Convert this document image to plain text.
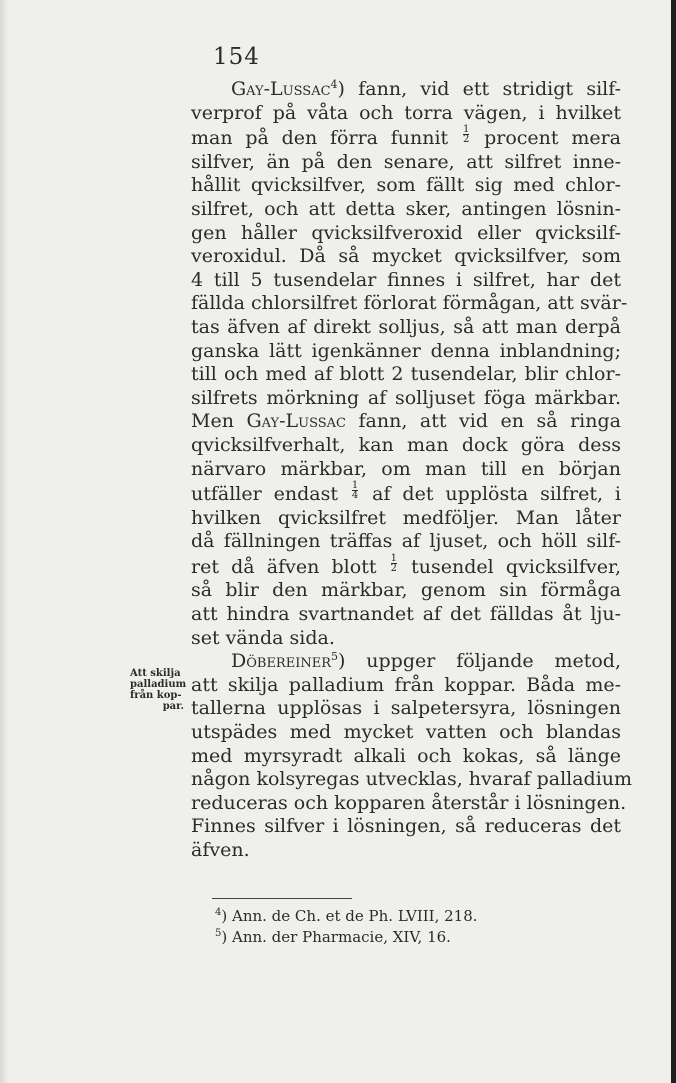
154
Gay-Lussac$^4$) fann, vid ett stridigt silf-
verprof på våta och torra vägen, i hvilket
man på den förra funnit $\frac{1}{2}$ procent mera
silfver, än på den senare, att silfret inne-
hållit qvicksilfver, som fällt sig med chlor-
silfret, och att detta sker, antingen lösnin-
gen håller qvicksilfveroxid eller qvicksilf-
veroxidul. Då så mycket qvicksilfver, som
4 till 5 tusendelar finnes i silfret, har det
fällda chlorsilfret förlorat förmågan, att svär-
tas äfven af direkt solljus, så att man derpå
ganska lätt igenkänner denna inblandning;
till och med af blott 2 tusendelar, blir chlor-
silfrets mörkning af solljuset föga märkbar.
Men Gay-Lussac fann, att vid en så ringa
qvicksilfverhalt, kan man dock göra dess
närvaro märkbar, om man till en början
utfäller endast $\frac{1}{4}$ af det upplösta silfret, i
hvilken qvicksilfret medföljer. Man låter
då fällningen träffas af ljuset, och höll silf-
ret då äfven blott $\frac{1}{2}$ tusendel qvicksilfver,
så blir den märkbar, genom sin förmåga
att hindra svartnandet af det fälldas åt lju-
set vända sida.
Döbereiner$^5$) uppger följande metod,
att skilja palladium från koppar. Båda me-
tallerna upplösas i salpetersyra, lösningen
utspädes med mycket vatten och blandas
med myrsyradt alkali och kokas, så länge
någon kolsyregas utvecklas, hvaraf palladium
reduceras och kopparen återstår i lösningen.
Finnes silfver i lösningen, så reduceras det
äfven.
Att skilja
palladium
från kop-
par.
$^4$) Ann. de Ch. et de Ph. LVIII, 218.
$^5$) Ann. der Pharmacie, XIV, 16.
